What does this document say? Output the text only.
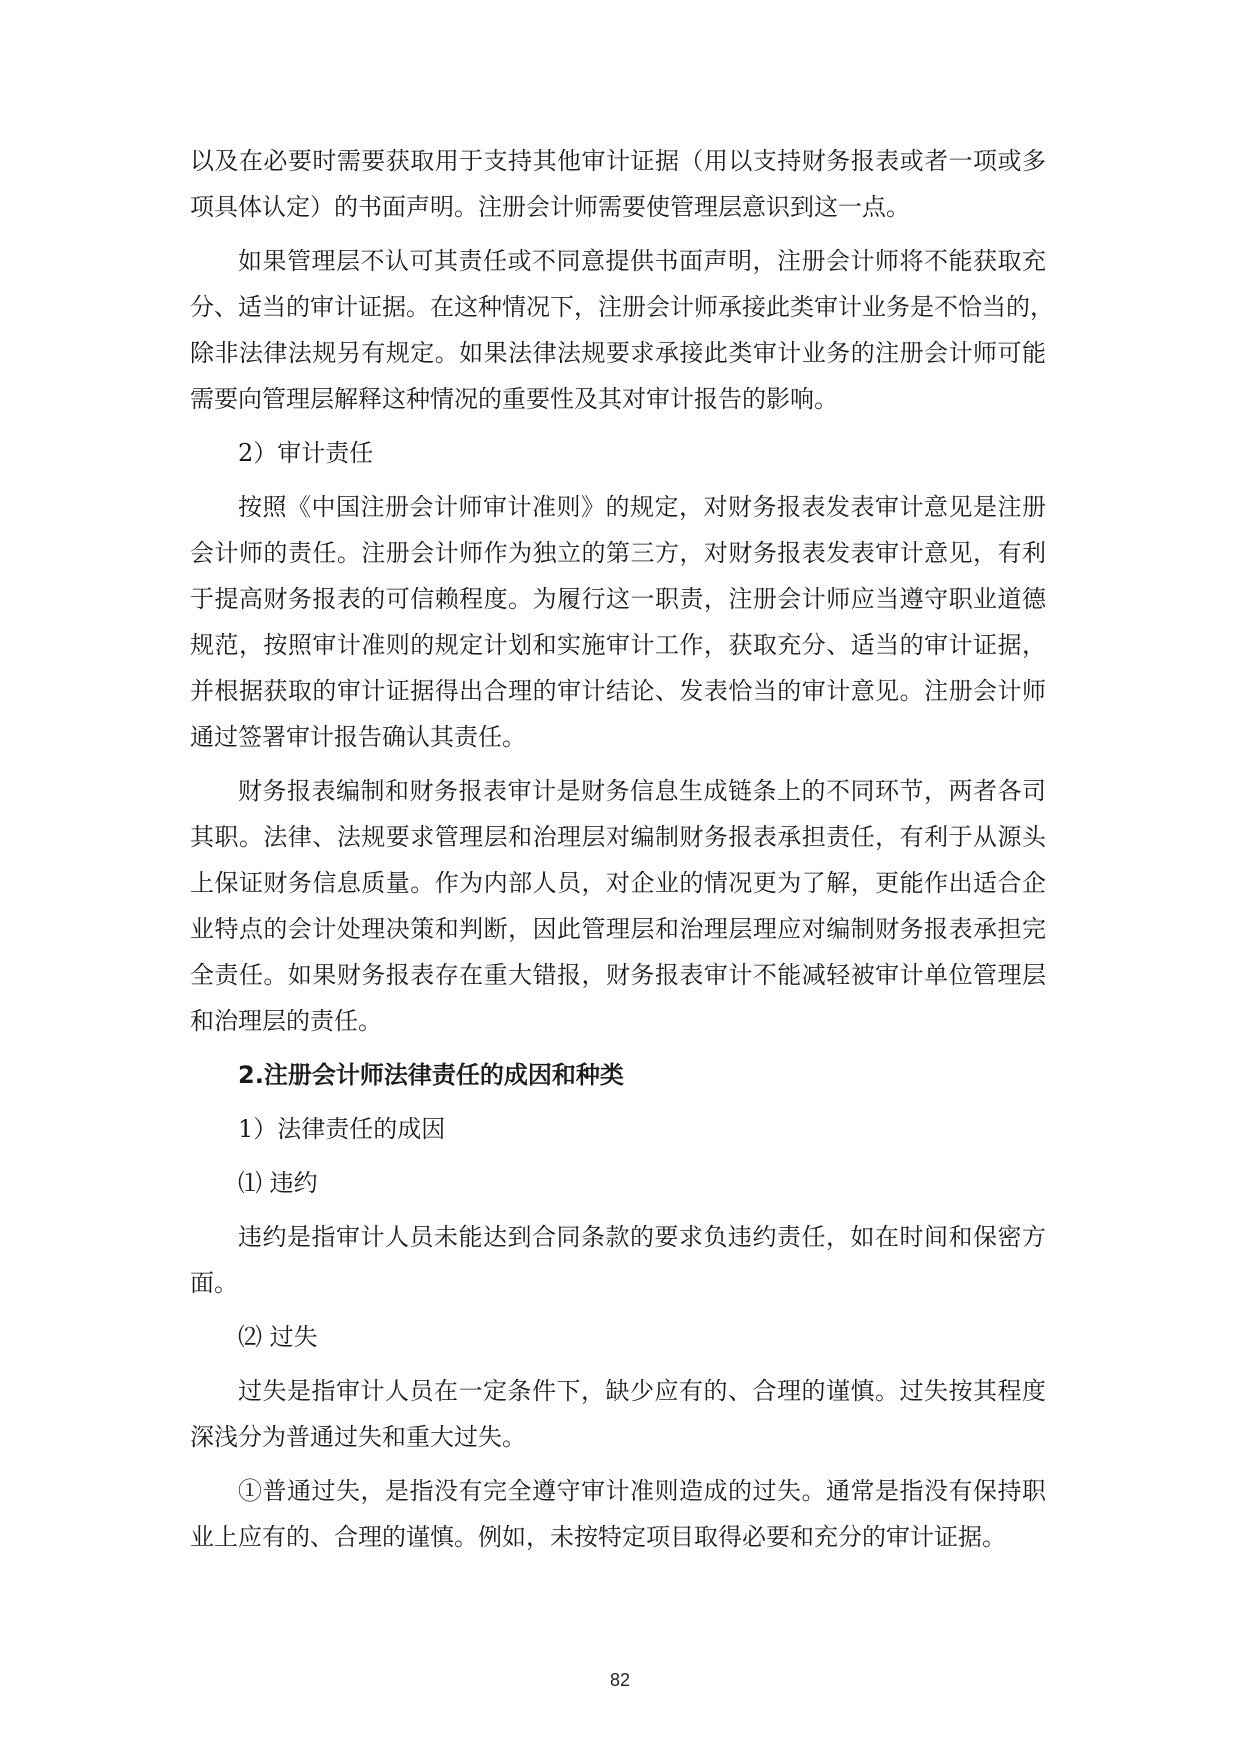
以及在必要时需要获取用于支持其他审计证据（用以支持财务报表或者一项或多
项具体认定）的书面声明。注册会计师需要使管理层意识到这一点。
如果管理层不认可其责任或不同意提供书面声明，注册会计师将不能获取充
分、适当的审计证据。在这种情况下，注册会计师承接此类审计业务是不恰当的，
除非法律法规另有规定。如果法律法规要求承接此类审计业务的注册会计师可能
需要向管理层解释这种情况的重要性及其对审计报告的影响。
2）审计责任
按照《中国注册会计师审计准则》的规定，对财务报表发表审计意见是注册
会计师的责任。注册会计师作为独立的第三方，对财务报表发表审计意见，有利
于提高财务报表的可信赖程度。为履行这一职责，注册会计师应当遵守职业道德
规范，按照审计准则的规定计划和实施审计工作，获取充分、适当的审计证据，
并根据获取的审计证据得出合理的审计结论、发表恰当的审计意见。注册会计师
通过签署审计报告确认其责任。
财务报表编制和财务报表审计是财务信息生成链条上的不同环节，两者各司
其职。法律、法规要求管理层和治理层对编制财务报表承担责任，有利于从源头
上保证财务信息质量。作为内部人员，对企业的情况更为了解，更能作出适合企
业特点的会计处理决策和判断，因此管理层和治理层理应对编制财务报表承担完
全责任。如果财务报表存在重大错报，财务报表审计不能减轻被审计单位管理层
和治理层的责任。
2.注册会计师法律责任的成因和种类
1）法律责任的成因
⑴ 违约
违约是指审计人员未能达到合同条款的要求负违约责任，如在时间和保密方
面。
⑵ 过失
过失是指审计人员在一定条件下，缺少应有的、合理的谨慎。过失按其程度
深浅分为普通过失和重大过失。
①普通过失，是指没有完全遵守审计准则造成的过失。通常是指没有保持职
业上应有的、合理的谨慎。例如，未按特定项目取得必要和充分的审计证据。
82
